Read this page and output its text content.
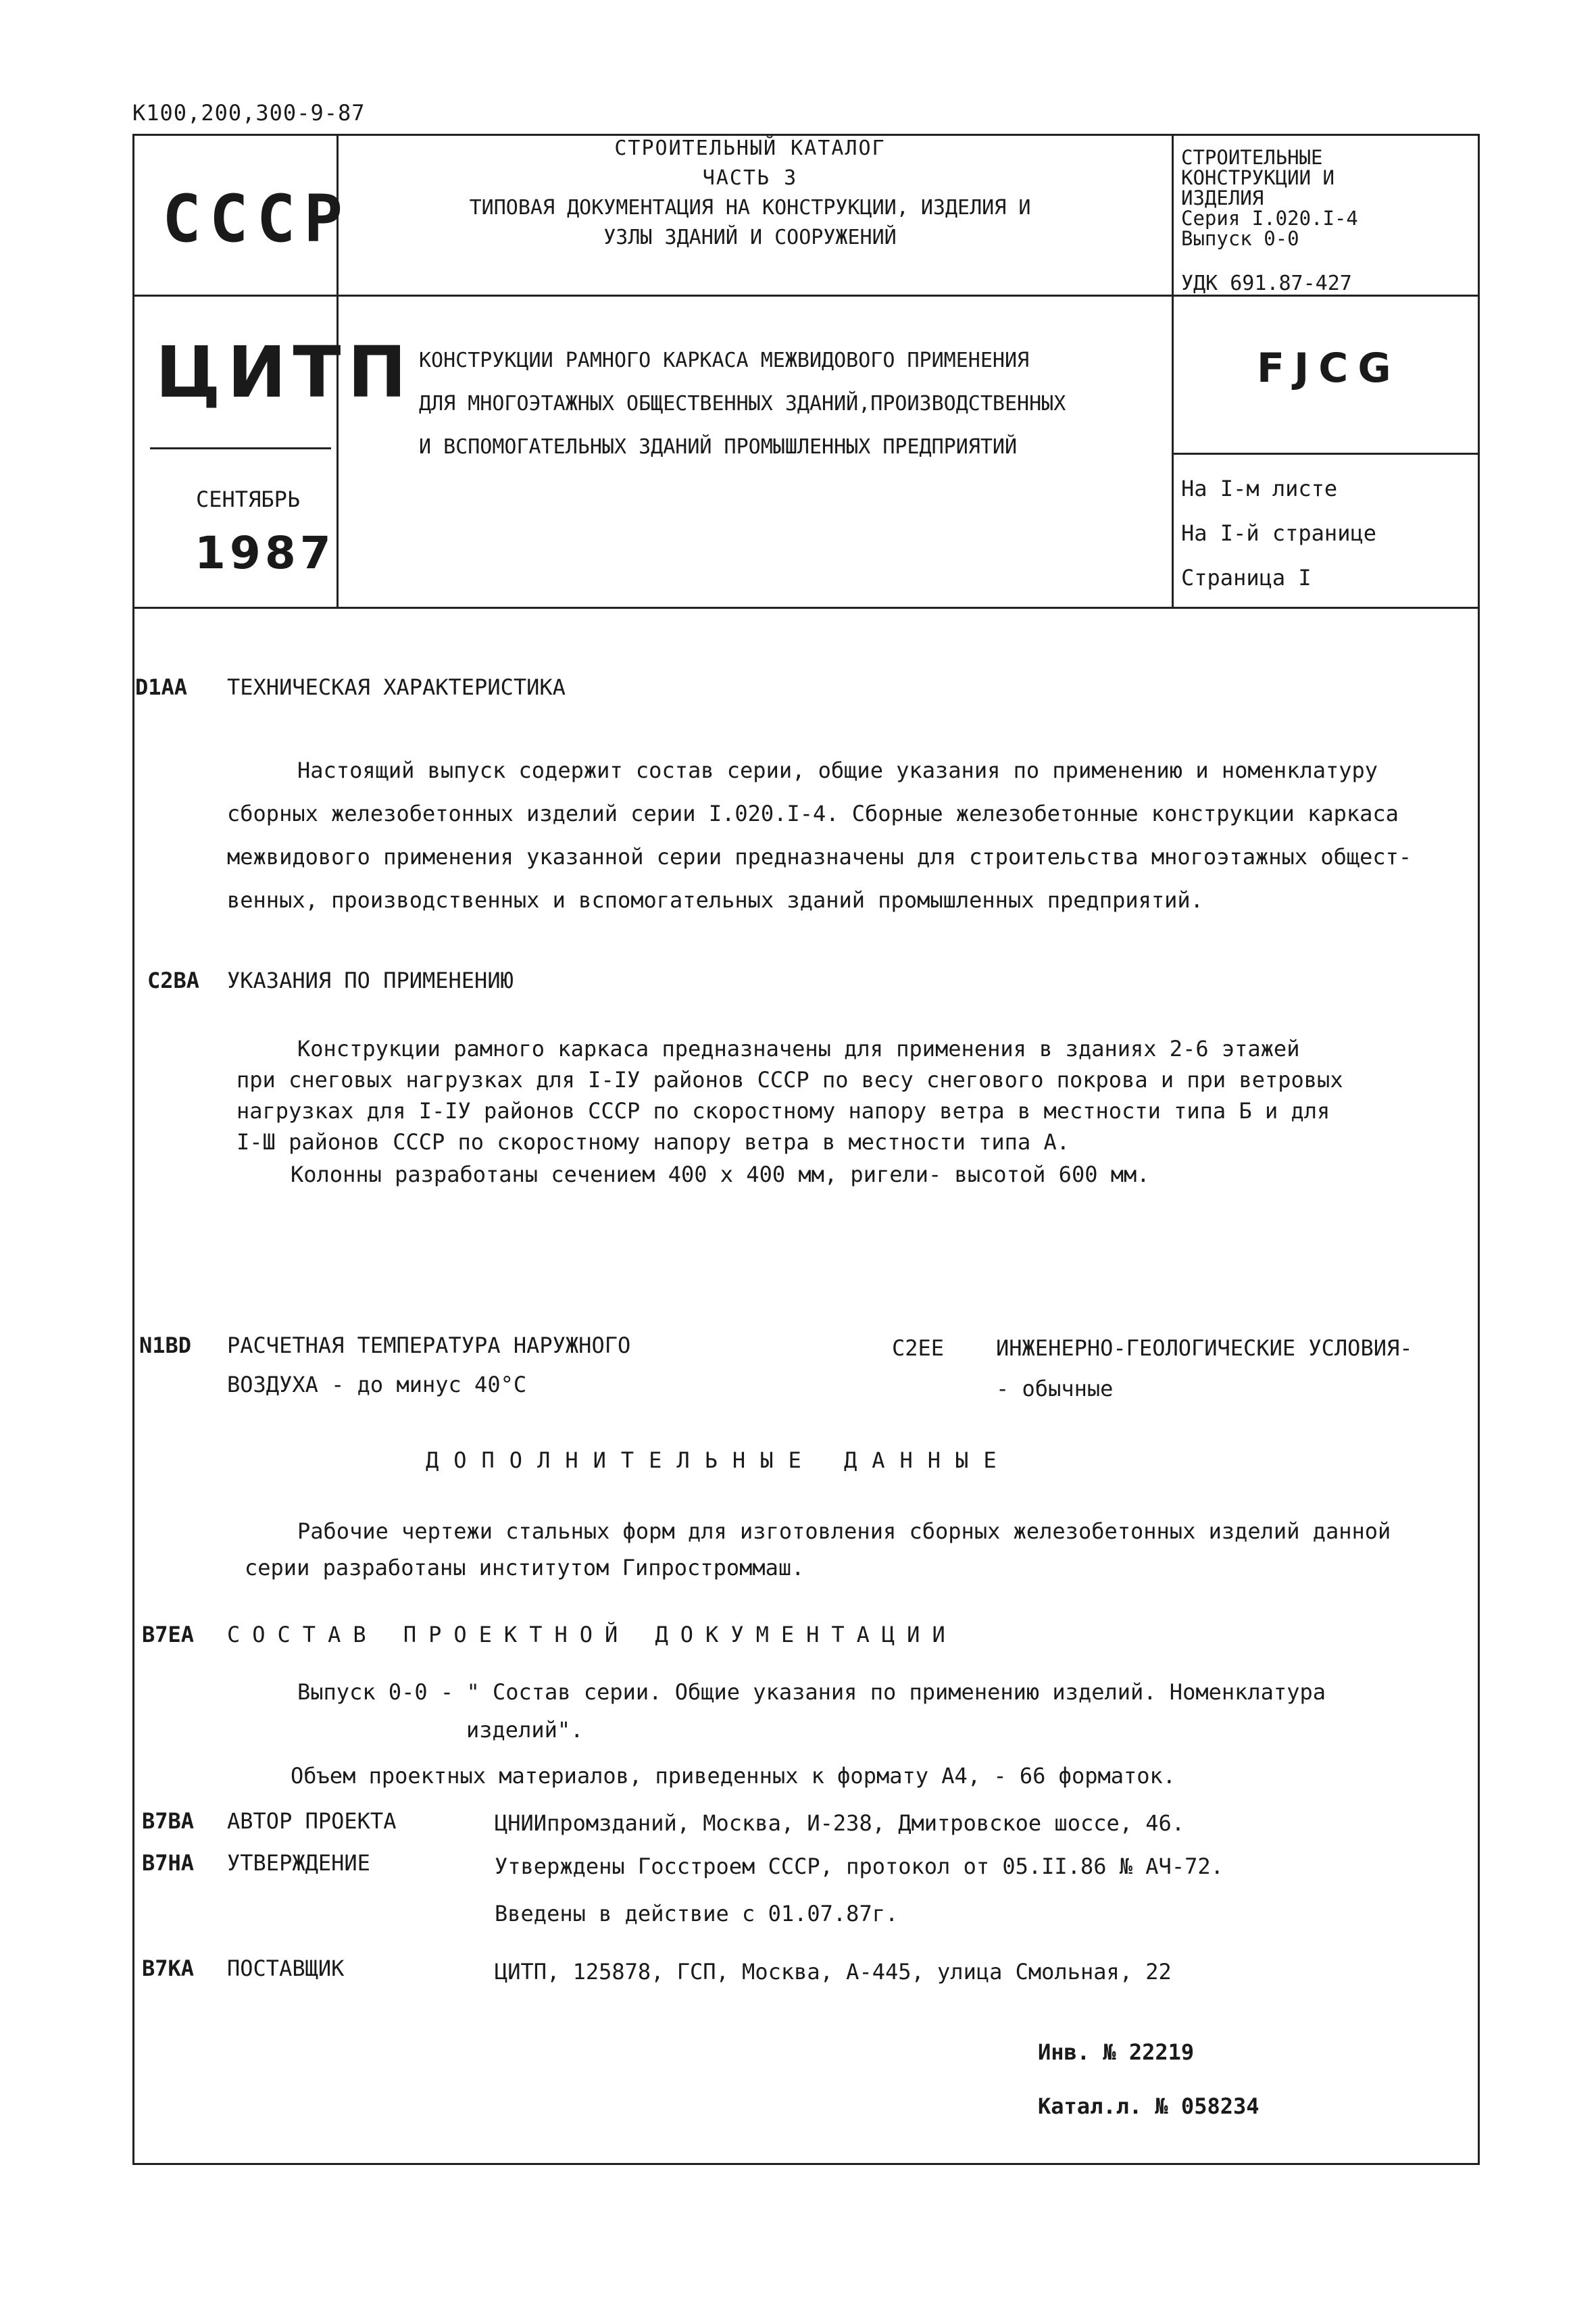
К100,200,300-9-87
СССР
ЦИТП
СЕНТЯБРЬ
1987
СТРОИТЕЛЬНЫЙ КАТАЛОГ
ЧАСТЬ 3
ТИПОВАЯ ДОКУМЕНТАЦИЯ НА КОНСТРУКЦИИ, ИЗДЕЛИЯ И
УЗЛЫ ЗДАНИЙ И СООРУЖЕНИЙ
СТРОИТЕЛЬНЫЕ
КОНСТРУКЦИИ И
ИЗДЕЛИЯ
Серия I.020.I-4
Выпуск 0-0
УДК 691.87-427
КОНСТРУКЦИИ РАМНОГО КАРКАСА МЕЖВИДОВОГО ПРИМЕНЕНИЯ
ДЛЯ МНОГОЭТАЖНЫХ ОБЩЕСТВЕННЫХ ЗДАНИЙ,ПРОИЗВОДСТВЕННЫХ
И ВСПОМОГАТЕЛЬНЫХ ЗДАНИЙ ПРОМЫШЛЕННЫХ ПРЕДПРИЯТИЙ
FJCG
На I-м листе
На I-й странице
Страница I
D1AA ТЕХНИЧЕСКАЯ ХАРАКТЕРИСТИКА
Настоящий выпуск содержит состав серии, общие указания по применению и номенклатуру
сборных железобетонных изделий серии I.020.I-4. Сборные железобетонные конструкции каркаса
межвидового применения указанной серии предназначены для строительства многоэтажных общест-
венных, производственных и вспомогательных зданий промышленных предприятий.
C2BA УКАЗАНИЯ ПО ПРИМЕНЕНИЮ
Конструкции рамного каркаса предназначены для применения в зданиях 2-6 этажей
при снеговых нагрузках для I-IУ районов СССР по весу снегового покрова и при ветровых
нагрузках для I-IУ районов СССР по скоростному напору ветра в местности типа Б и для
I-Ш районов СССР по скоростному напору ветра в местности типа А.
Колонны разработаны сечением 400 х 400 мм, ригели- высотой 600 мм.
N1BD РАСЧЕТНАЯ ТЕМПЕРАТУРА НАРУЖНОГО
ВОЗДУХА - до минус 40°С
C2EE ИНЖЕНЕРНО-ГЕОЛОГИЧЕСКИЕ УСЛОВИЯ-
- обычные
ДОПОЛНИТЕЛЬНЫЕ ДАННЫЕ
Рабочие чертежи стальных форм для изготовления сборных железобетонных изделий данной
серии разработаны институтом Гипростроммаш.
B7EA СОСТАВ ПРОЕКТНОЙ ДОКУМЕНТАЦИИ
Выпуск 0-0 - " Состав серии. Общие указания по применению изделий. Номенклатура
изделий".
Объем проектных материалов, приведенных к формату А4, - 66 форматок.
B7BA АВТОР ПРОЕКТА	ЦНИИпромзданий, Москва, И-238, Дмитровское шоссе, 46.
B7HA УТВЕРЖДЕНИЕ	Утверждены Госстроем СССР, протокол от 05.II.86 № АЧ-72.
Введены в действие с 01.07.87г.
B7KA ПОСТАВЩИК	ЦИТП, 125878, ГСП, Москва, А-445, улица Смольная, 22
Инв. № 22219
Катал.л. № 058234
